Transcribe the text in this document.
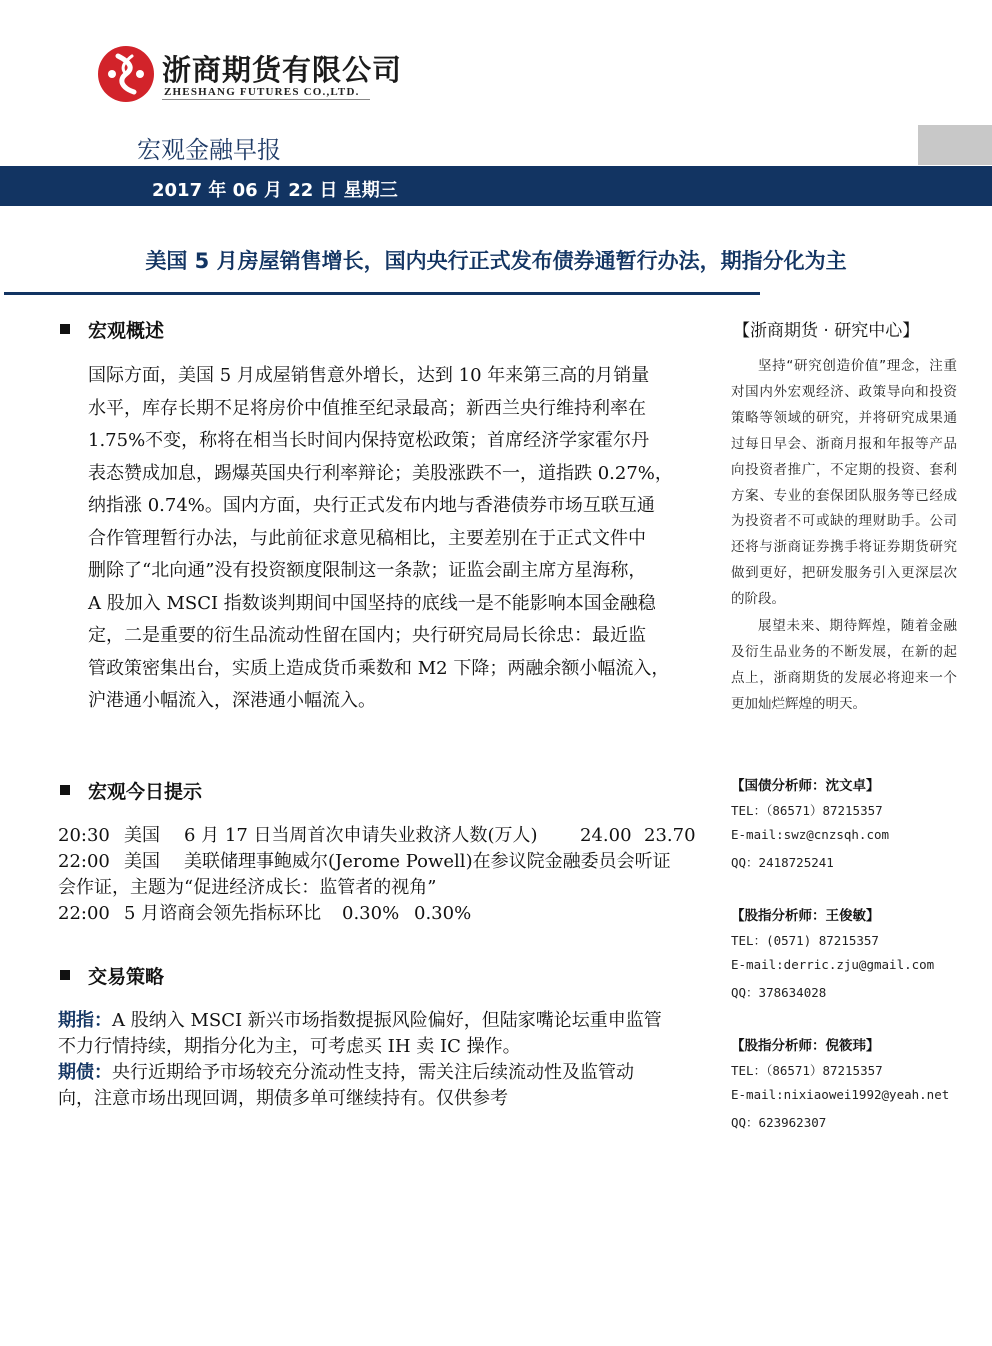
浙商期货有限公司
ZHESHANG FUTURES CO.,LTD.
宏观金融早报
2017 年 06 月 22 日 星期三
美国 5 月房屋销售增长，国内央行正式发布债券通暂行办法，期指分化为主
宏观概述
国际方面，美国 5 月成屋销售意外增长，达到 10 年来第三高的月销量
水平，库存长期不足将房价中值推至纪录最高；新西兰央行维持利率在
1.75%不变，称将在相当长时间内保持宽松政策；首席经济学家霍尔丹
表态赞成加息，踢爆英国央行利率辩论；美股涨跌不一，道指跌 0.27%，
纳指涨 0.74%。国内方面，央行正式发布内地与香港债券市场互联互通
合作管理暂行办法，与此前征求意见稿相比，主要差别在于正式文件中
删除了“北向通”没有投资额度限制这一条款；证监会副主席方星海称，
A 股加入 MSCI 指数谈判期间中国坚持的底线一是不能影响本国金融稳
定，二是重要的衍生品流动性留在国内；央行研究局局长徐忠：最近监
管政策密集出台，实质上造成货币乘数和 M2 下降；两融余额小幅流入，
沪港通小幅流入，深港通小幅流入。
宏观今日提示
20:30 美国 6 月 17 日当周首次申请失业救济人数(万人) 24.00 23.70
22:00 美国 美联储理事鲍威尔(Jerome Powell)在参议院金融委员会听证
会作证，主题为“促进经济成长：监管者的视角”
22:00 5 月谘商会领先指标环比 0.30% 0.30%
交易策略
期指：A 股纳入 MSCI 新兴市场指数提振风险偏好，但陆家嘴论坛重申监管
不力行情持续，期指分化为主，可考虑买 IH 卖 IC 操作。
期债：央行近期给予市场较充分流动性支持，需关注后续流动性及监管动
向，注意市场出现回调，期债多单可继续持有。仅供参考
【浙商期货 · 研究中心】
坚持“研究创造价值”理念，注重对国内外宏观经济、政策导向和投资策略等领域的研究，并将研究成果通过每日早会、浙商月报和年报等产品向投资者推广，不定期的投资、套利方案、专业的套保团队服务等已经成为投资者不可或缺的理财助手。公司还将与浙商证券携手将证券期货研究做到更好，把研发服务引入更深层次的阶段。
展望未来、期待辉煌，随着金融及衍生品业务的不断发展，在新的起点上，浙商期货的发展必将迎来一个更加灿烂辉煌的明天。
【国债分析师：沈文卓】
TEL：（86571）87215357
E-mail:swz@cnzsqh.com
QQ：2418725241
【股指分析师：王俊敏】
TEL：(0571) 87215357
E-mail:derric.zju@gmail.com
QQ：378634028
【股指分析师：倪筱玮】
TEL：（86571）87215357
E-mail:nixiaowei1992@yeah.net
QQ：623962307
